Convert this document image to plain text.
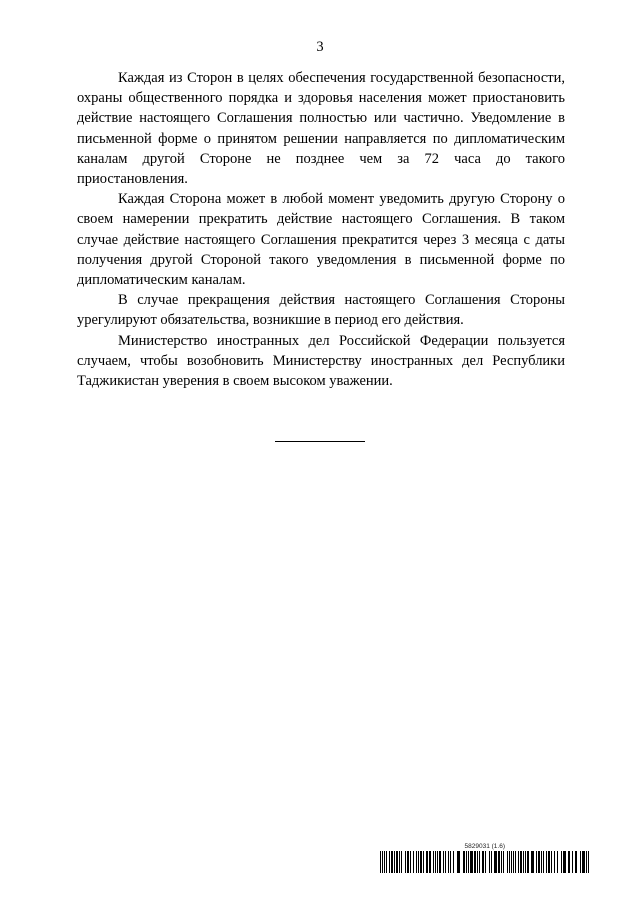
3

Каждая из Сторон в целях обеспечения государственной безопасности, охраны общественного порядка и здоровья населения может приостановить действие настоящего Соглашения полностью или частично. Уведомление в письменной форме о принятом решении направляется по дипломатическим каналам другой Стороне не позднее чем за 72 часа до такого приостановления.

Каждая Сторона может в любой момент уведомить другую Сторону о своем намерении прекратить действие настоящего Соглашения. В таком случае действие настоящего Соглашения прекратится через 3 месяца с даты получения другой Стороной такого уведомления в письменной форме по дипломатическим каналам.

В случае прекращения действия настоящего Соглашения Стороны урегулируют обязательства, возникшие в период его действия.

Министерство иностранных дел Российской Федерации пользуется случаем, чтобы возобновить Министерству иностранных дел Республики Таджикистан уверения в своем высоком уважении.

5829031 (1.6)
